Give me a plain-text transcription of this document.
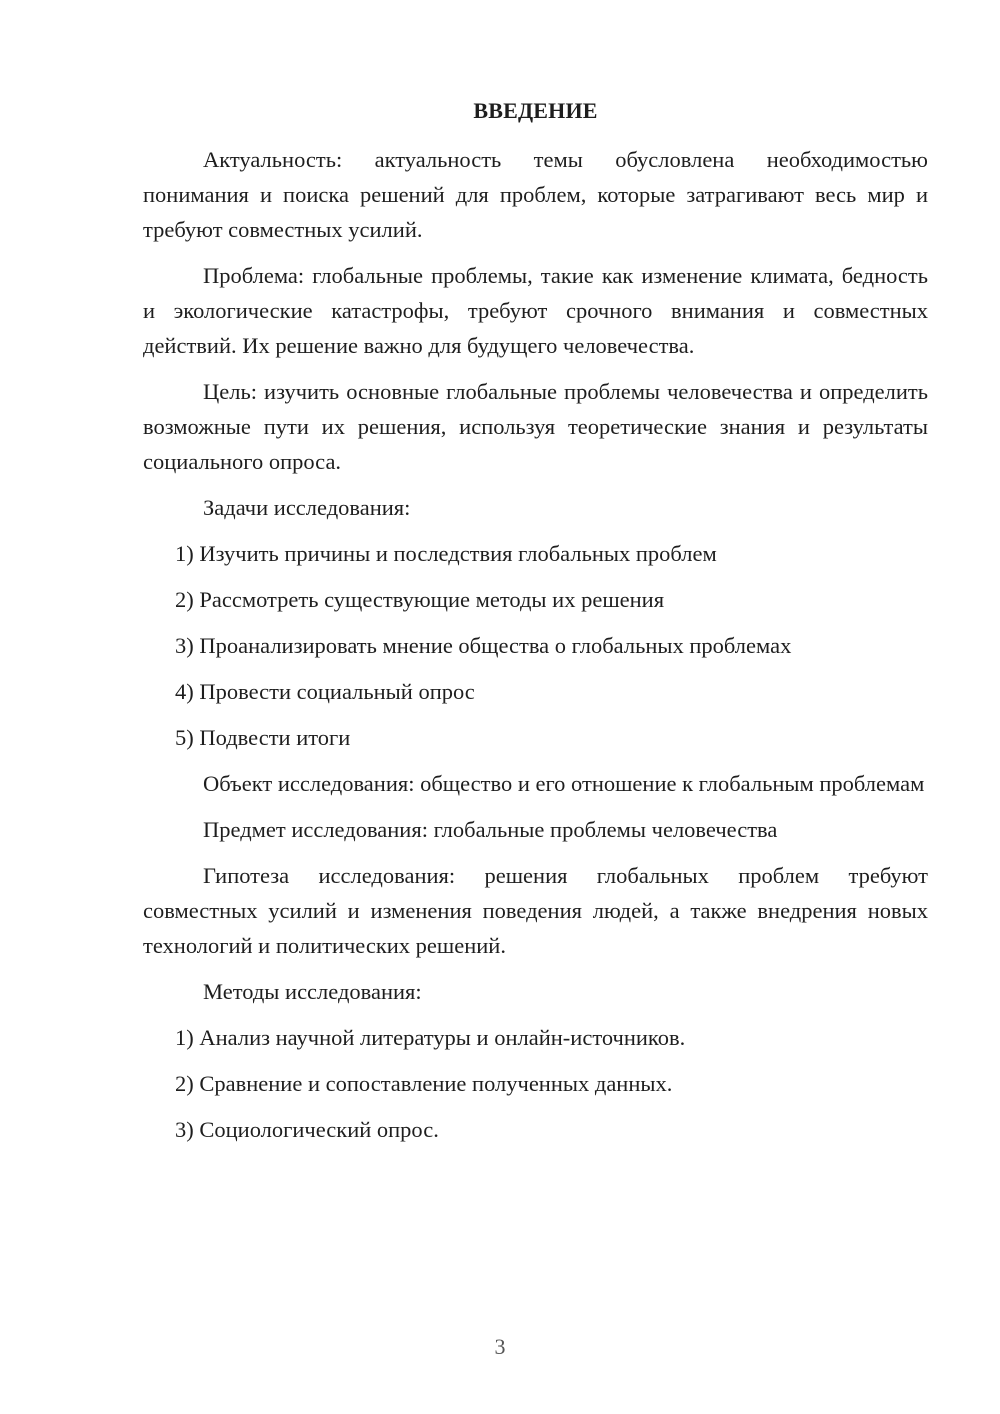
ВВЕДЕНИЕ

Актуальность: актуальность темы обусловлена необходимостью понимания и поиска решений для проблем, которые затрагивают весь мир и требуют совместных усилий.

Проблема: глобальные проблемы, такие как изменение климата, бедность и экологические катастрофы, требуют срочного внимания и совместных действий. Их решение важно для будущего человечества.

Цель: изучить основные глобальные проблемы человечества и определить возможные пути их решения, используя теоретические знания и результаты социального опроса.

Задачи исследования:

1) Изучить причины и последствия глобальных проблем
2) Рассмотреть существующие методы их решения
3) Проанализировать мнение общества о глобальных проблемах
4) Провести социальный опрос
5) Подвести итоги

Объект исследования: общество и его отношение к глобальным проблемам

Предмет исследования: глобальные проблемы человечества

Гипотеза исследования: решения глобальных проблем требуют совместных усилий и изменения поведения людей, а также внедрения новых технологий и политических решений.

Методы исследования:

1) Анализ научной литературы и онлайн-источников.
2) Сравнение и сопоставление полученных данных.
3) Социологический опрос.
3
